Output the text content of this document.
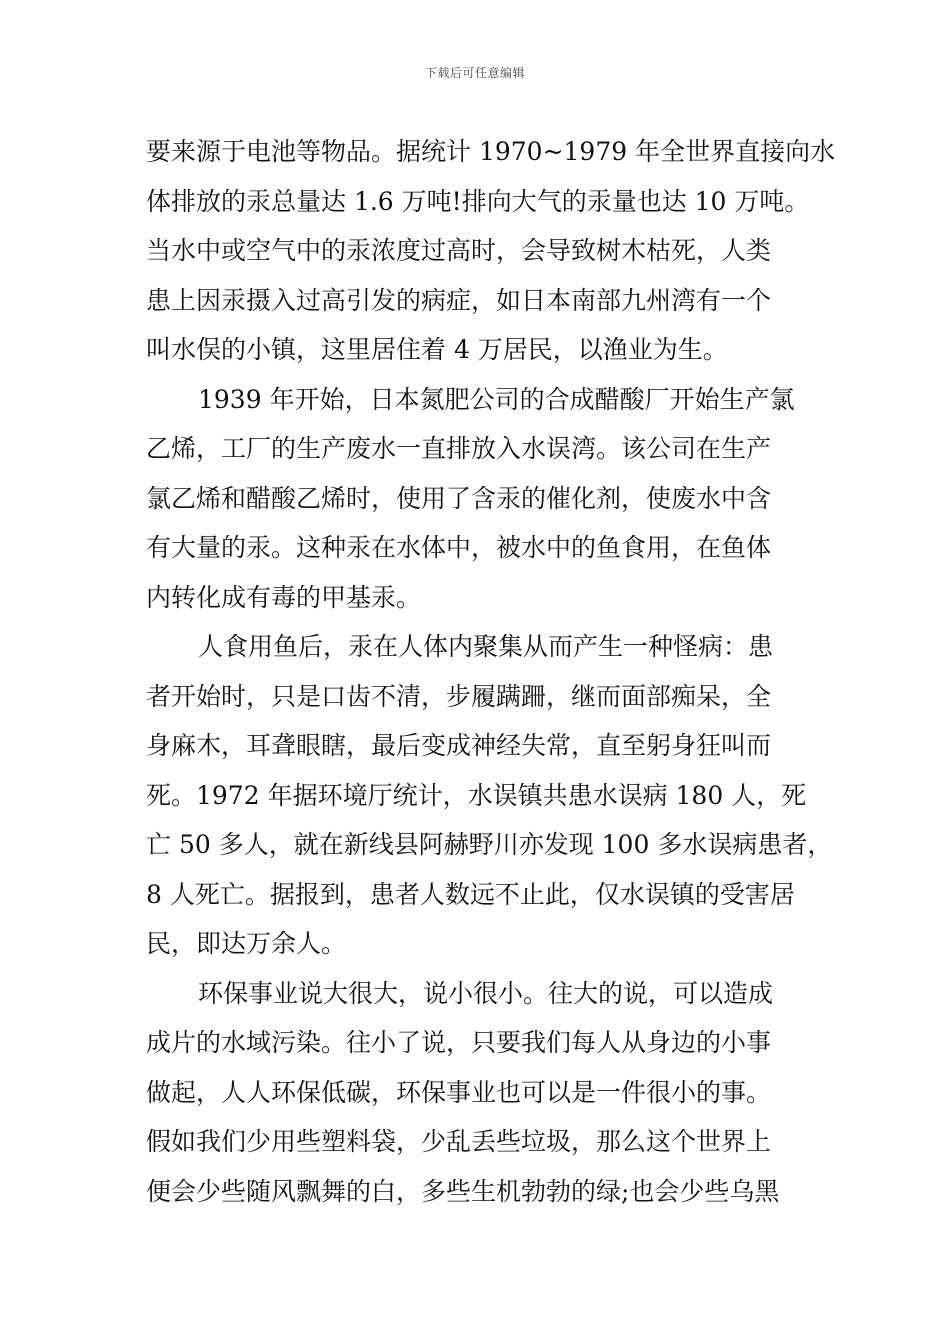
下载后可任意编辑
要来源于电池等物品。据统计 1970~1979 年全世界直接向水
体排放的汞总量达 1.6 万吨!排向大气的汞量也达 10 万吨。
当水中或空气中的汞浓度过高时，会导致树木枯死，人类
患上因汞摄入过高引发的病症，如日本南部九州湾有一个
叫水俣的小镇，这里居住着 4 万居民，以渔业为生。
1939 年开始，日本氮肥公司的合成醋酸厂开始生产氯
乙烯，工厂的生产废水一直排放入水误湾。该公司在生产
氯乙烯和醋酸乙烯时，使用了含汞的催化剂，使废水中含
有大量的汞。这种汞在水体中，被水中的鱼食用，在鱼体
内转化成有毒的甲基汞。
人食用鱼后，汞在人体内聚集从而产生一种怪病：患
者开始时，只是口齿不清，步履蹒跚，继而面部痴呆，全
身麻木，耳聋眼瞎，最后变成神经失常，直至躬身狂叫而
死。1972 年据环境厅统计，水误镇共患水误病 180 人，死
亡 50 多人，就在新线县阿赫野川亦发现 100 多水误病患者，
8 人死亡。据报到，患者人数远不止此，仅水误镇的受害居
民，即达万余人。
环保事业说大很大，说小很小。往大的说，可以造成
成片的水域污染。往小了说，只要我们每人从身边的小事
做起，人人环保低碳，环保事业也可以是一件很小的事。
假如我们少用些塑料袋，少乱丢些垃圾，那么这个世界上
便会少些随风飘舞的白，多些生机勃勃的绿;也会少些乌黑
